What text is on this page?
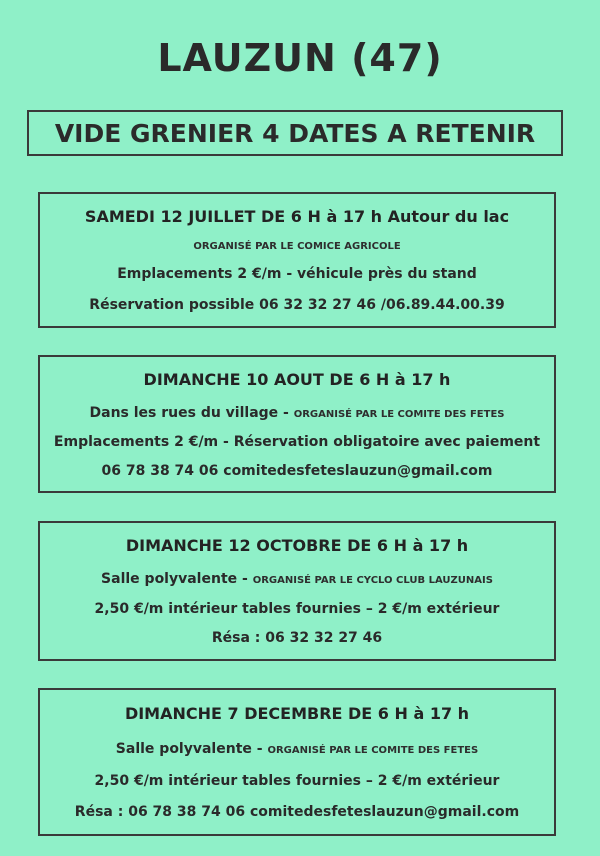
LAUZUN (47)
VIDE GRENIER 4 DATES A RETENIR
SAMEDI 12 JUILLET DE 6 H à 17 h Autour du lac
ORGANISÉ PAR LE COMICE AGRICOLE
Emplacements 2 €/m - véhicule près du stand
Réservation possible 06 32 32 27 46 /06.89.44.00.39
DIMANCHE 10 AOUT DE 6 H à 17 h
Dans les rues du village - ORGANISÉ PAR LE COMITE DES FETES
Emplacements 2 €/m - Réservation obligatoire avec paiement
06 78 38 74 06 comitedesfeteslauzun@gmail.com
DIMANCHE 12 OCTOBRE DE 6 H à 17 h
Salle polyvalente - ORGANISÉ PAR LE CYCLO CLUB LAUZUNAIS
2,50 €/m intérieur tables fournies – 2 €/m extérieur
Résa : 06 32 32 27 46
DIMANCHE 7 DECEMBRE DE 6 H à 17 h
Salle polyvalente - ORGANISÉ PAR LE COMITE DES FETES
2,50 €/m intérieur tables fournies – 2 €/m extérieur
Résa : 06 78 38 74 06 comitedesfeteslauzun@gmail.com
